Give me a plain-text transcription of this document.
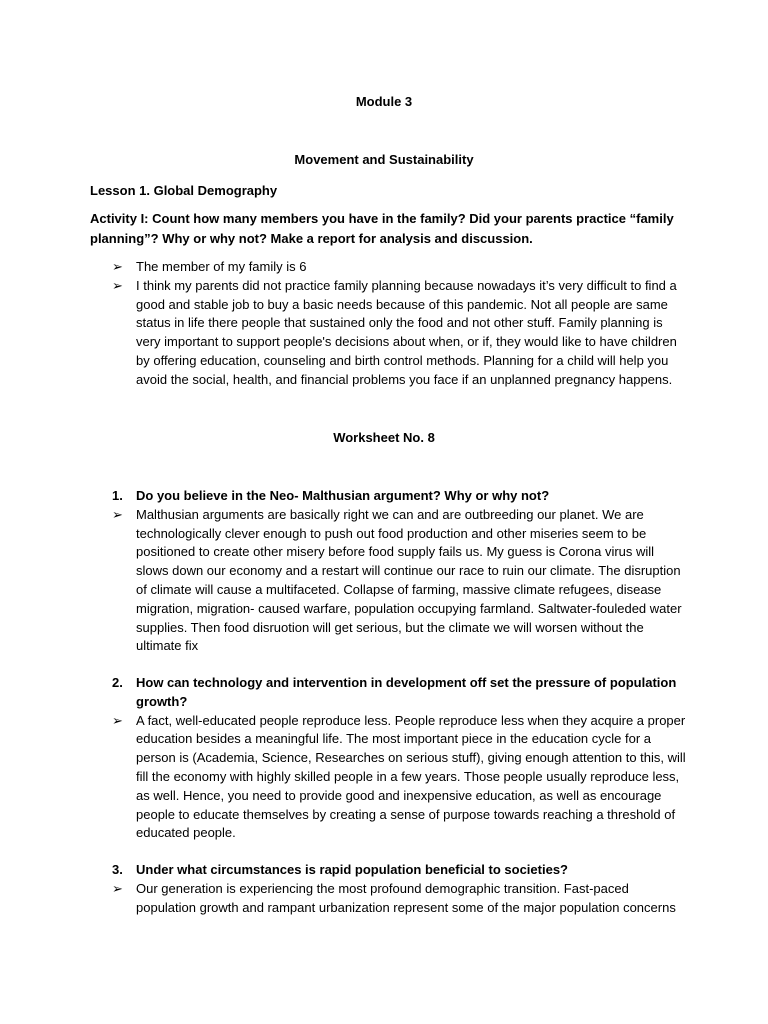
Module 3
Movement and Sustainability
Lesson 1. Global Demography
Activity I: Count how many members you have in the family? Did your parents practice “family planning”? Why or why not? Make a report for analysis and discussion.
➢	The member of my family is 6
➢	I think my parents did not practice family planning because nowadays it’s very difficult to find a good and stable job to buy a basic needs because of this pandemic. Not all people are same status in life there people that sustained only the food and not other stuff. Family planning is very important to support people's decisions about when, or if, they would like to have children by offering education, counseling and birth control methods. Planning for a child will help you avoid the social, health, and financial problems you face if an unplanned pregnancy happens.
Worksheet No. 8
1.	Do you believe in the Neo- Malthusian argument? Why or why not?
➢	Malthusian arguments are basically right we can and are outbreeding our planet. We are technologically clever enough to push out food production and other miseries seem to be positioned to create other misery before food supply fails us. My guess is Corona virus will slows down our economy and a restart will continue our race to ruin our climate. The disruption of climate will cause a multifaceted. Collapse of farming, massive climate refugees, disease migration, migration- caused warfare, population occupying farmland. Saltwater-fouleded water supplies. Then food disruotion will get serious, but the climate we will worsen without the ultimate fix
2.	How can technology and intervention in development off set the pressure of population growth?
➢	A fact, well-educated people reproduce less. People reproduce less when they acquire a proper education besides a meaningful life. The most important piece in the education cycle for a person is (Academia, Science, Researches on serious stuff), giving enough attention to this, will fill the economy with highly skilled people in a few years. Those people usually reproduce less, as well. Hence, you need to provide good and inexpensive education, as well as encourage people to educate themselves by creating a sense of purpose towards reaching a threshold of educated people.
3.	Under what circumstances is rapid population beneficial to societies?
➢	Our generation is experiencing the most profound demographic transition. Fast-paced population growth and rampant urbanization represent some of the major population concerns
